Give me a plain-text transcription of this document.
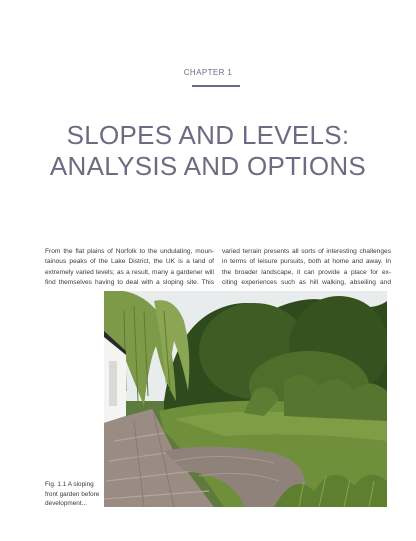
CHAPTER 1
SLOPES AND LEVELS:
ANALYSIS AND OPTIONS
From the flat plains of Norfolk to the undulating, moun-
tainous peaks of the Lake District, the UK is a land of
extremely varied levels; as a result, many a gardener will
find themselves having to deal with a sloping site. This
varied terrain presents all sorts of interesting challenges
in terms of leisure pursuits, both at home and away. In
the broader landscape, it can provide a place for ex-
citing experiences such as hill walking, abseiling and
Fig. 1.1 A sloping
front garden before
development...
